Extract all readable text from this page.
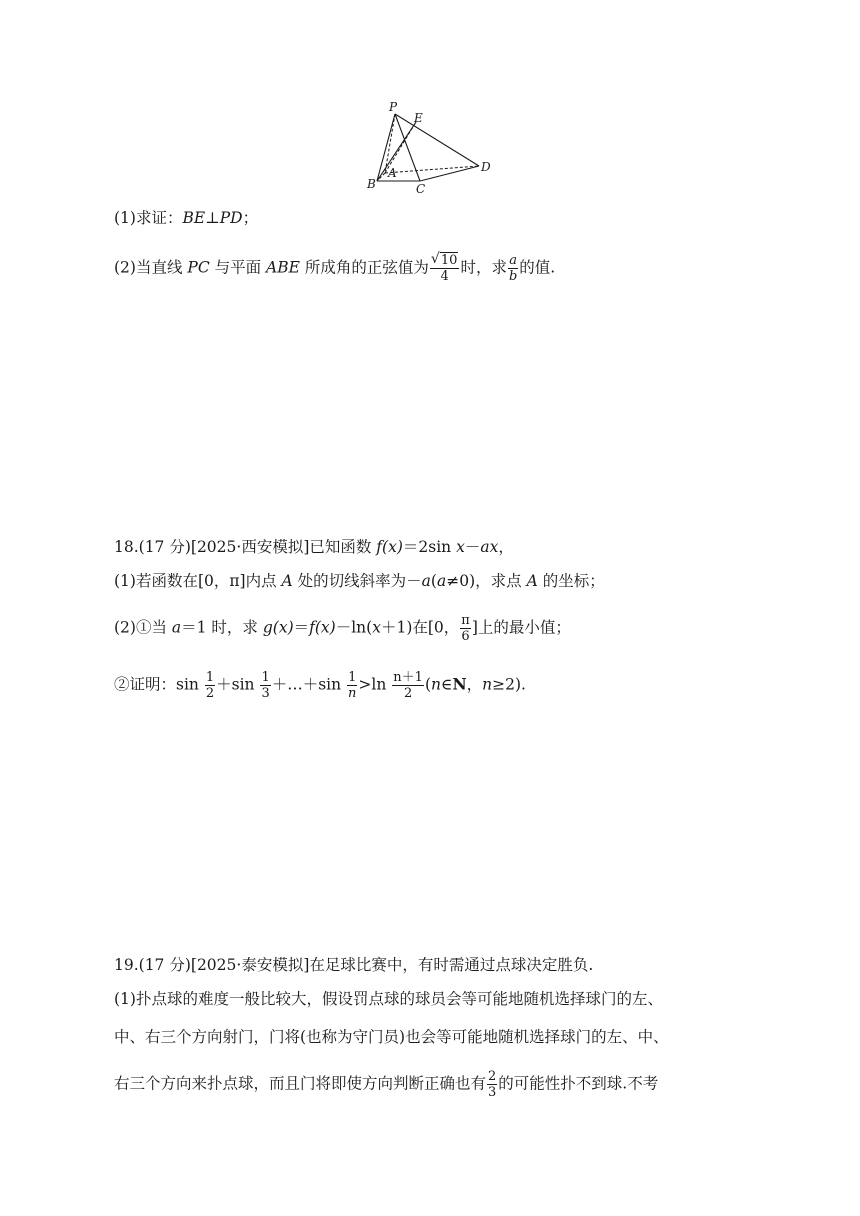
P
E
A
B	C
D
(1)求证：BE⊥PD；
(2)当直线 PC 与平面 ABE 所成角的正弦值为 $\frac{√ 10}{4}$ 时，求 $\frac{a}{b}$ 的值.
18.(17 分)[2025·西安模拟]已知函数 f(x)＝2sin x－ax，
(1)若函数在[0，π]内点 A 处的切线斜率为－a(a≠0)，求点 A 的坐标；
(2)①当 a＝1 时，求 g(x)＝f(x)－ln(x＋1)在[0， $\frac{\pi}{6}$ ]上的最小值；
②证明：$\sin \frac{1}{2} +\sin \frac{1}{3}$ ＋…＋sin $\frac{1}{n} >\ln \frac{n+1}{2}$ (n∈N，n≥2).
19.(17 分)[2025·泰安模拟]在足球比赛中，有时需通过点球决定胜负.
(1)扑点球的难度一般比较大，假设罚点球的球员会等可能地随机选择球门的左、
中、右三个方向射门，门将(也称为守门员)也会等可能地随机选择球门的左、中、
右三个方向来扑点球，而且门将即使方向判断正确也有 $\frac{2}{3}$ 的可能性扑不到球.不考
